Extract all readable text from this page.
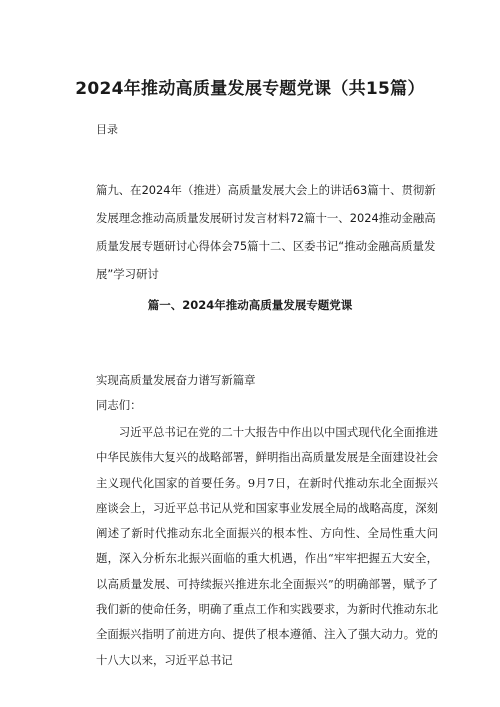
2024年推动高质量发展专题党课（共15篇）
目录
篇九、在2024年（推进）高质量发展大会上的讲话63篇十、贯彻新发展理念推动高质量发展研讨发言材料72篇十一、2024推动金融高质量发展专题研讨心得体会75篇十二、区委书记“推动金融高质量发展”学习研讨
篇一、2024年推动高质量发展专题党课
实现高质量发展奋力谱写新篇章
同志们：

习近平总书记在党的二十大报告中作出以中国式现代化全面推进中华民族伟大复兴的战略部署，鲜明指出高质量发展是全面建设社会主义现代化国家的首要任务。9月7日，在新时代推动东北全面振兴座谈会上，习近平总书记从党和国家事业发展全局的战略高度，深刻阐述了新时代推动东北全面振兴的根本性、方向性、全局性重大问题，深入分析东北振兴面临的重大机遇，作出“牢牢把握五大安全，以高质量发展、可持续振兴推进东北全面振兴”的明确部署，赋予了我们新的使命任务，明确了重点工作和实践要求，为新时代推动东北全面振兴指明了前进方向、提供了根本遵循、注入了强大动力。党的十八大以来，习近平总书记
